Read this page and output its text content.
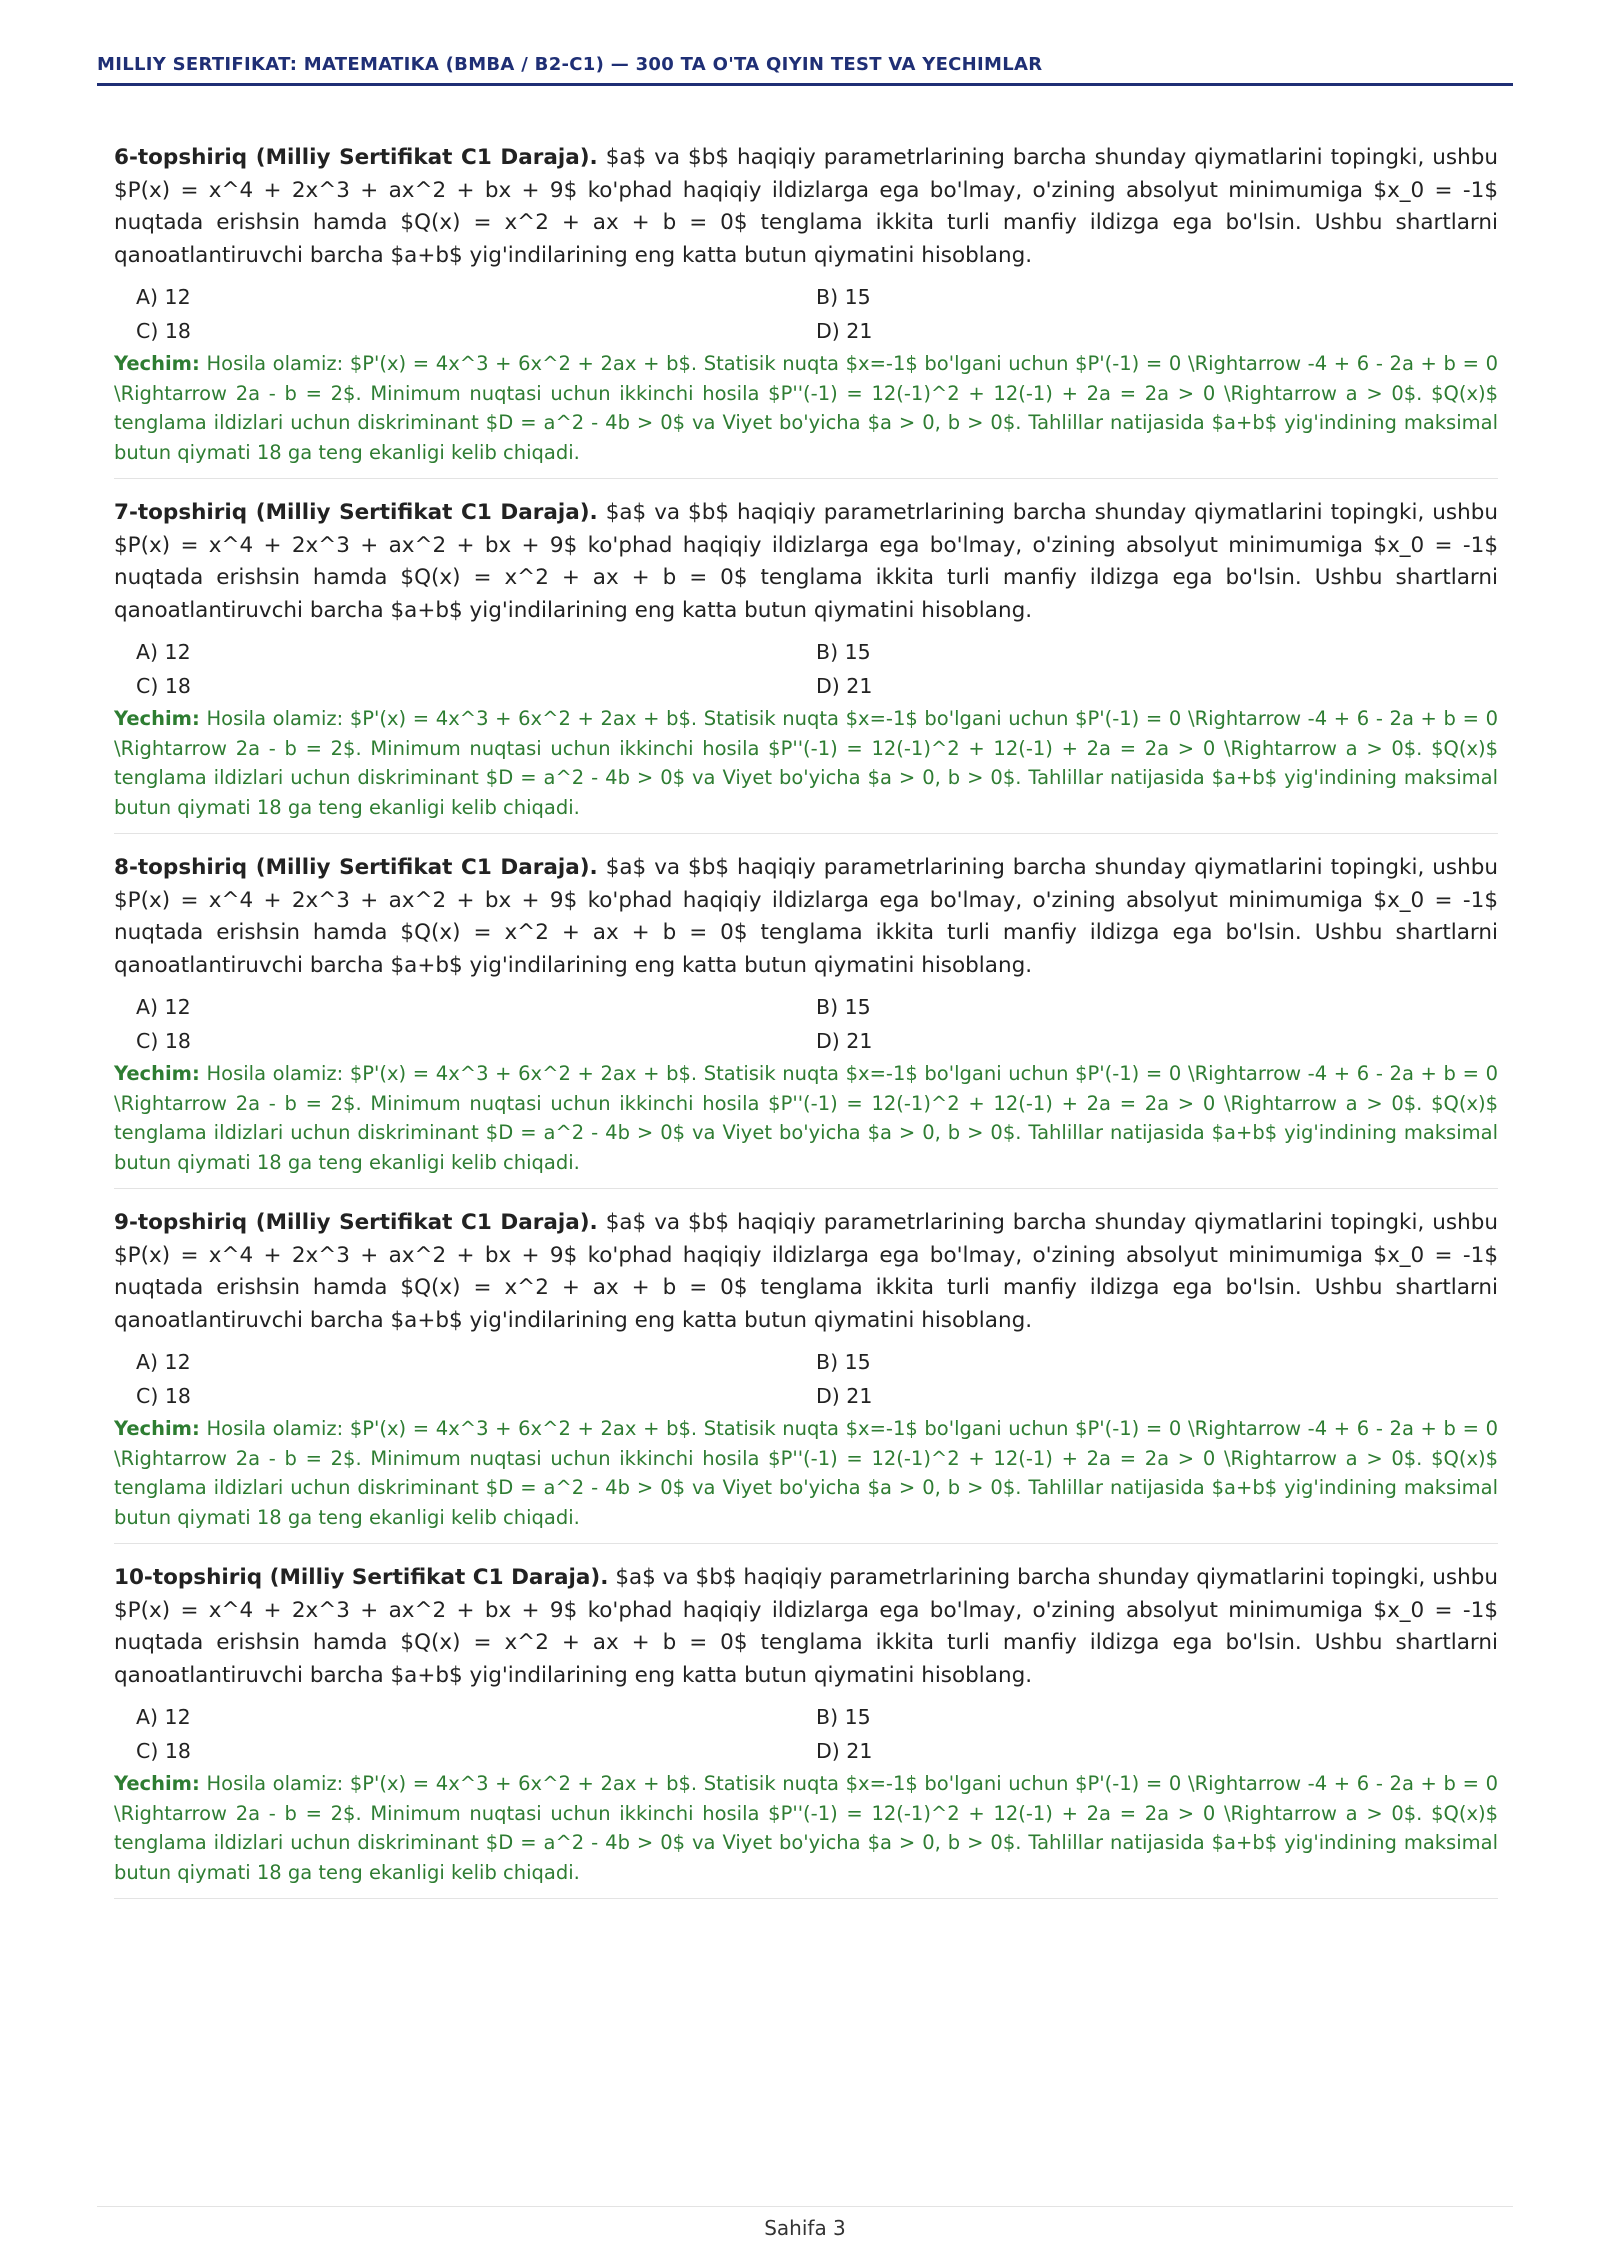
MILLIY SERTIFIKAT: MATEMATIKA (BMBA / B2-C1) — 300 TA O'TA QIYIN TEST VA YECHIMLAR

6-topshiriq (Milliy Sertifikat C1 Daraja). $a$ va $b$ haqiqiy parametrlarining barcha shunday qiymatlarini topingki, ushbu $P(x) = x^4 + 2x^3 + ax^2 + bx + 9$ ko'phad haqiqiy ildizlarga ega bo'lmay, o'zining absolyut minimumiga $x_0 = -1$ nuqtada erishsin hamda $Q(x) = x^2 + ax + b = 0$ tenglama ikkita turli manfiy ildizga ega bo'lsin. Ushbu shartlarni qanoatlantiruvchi barcha $a+b$ yig'indilarining eng katta butun qiymatini hisoblang.

A) 12	B) 15
C) 18	D) 21

Yechim: Hosila olamiz: $P'(x) = 4x^3 + 6x^2 + 2ax + b$. Statisik nuqta $x=-1$ bo'lgani uchun $P'(-1) = 0 \Rightarrow -4 + 6 - 2a + b = 0 \Rightarrow 2a - b = 2$. Minimum nuqtasi uchun ikkinchi hosila $P''(-1) = 12(-1)^2 + 12(-1) + 2a = 2a > 0 \Rightarrow a > 0$. $Q(x)$ tenglama ildizlari uchun diskriminant $D = a^2 - 4b > 0$ va Viyet bo'yicha $a > 0, b > 0$. Tahlillar natijasida $a+b$ yig'indining maksimal butun qiymati 18 ga teng ekanligi kelib chiqadi.

7-topshiriq (Milliy Sertifikat C1 Daraja). $a$ va $b$ haqiqiy parametrlarining barcha shunday qiymatlarini topingki, ushbu $P(x) = x^4 + 2x^3 + ax^2 + bx + 9$ ko'phad haqiqiy ildizlarga ega bo'lmay, o'zining absolyut minimumiga $x_0 = -1$ nuqtada erishsin hamda $Q(x) = x^2 + ax + b = 0$ tenglama ikkita turli manfiy ildizga ega bo'lsin. Ushbu shartlarni qanoatlantiruvchi barcha $a+b$ yig'indilarining eng katta butun qiymatini hisoblang.

A) 12	B) 15
C) 18	D) 21

Yechim: Hosila olamiz: $P'(x) = 4x^3 + 6x^2 + 2ax + b$. Statisik nuqta $x=-1$ bo'lgani uchun $P'(-1) = 0 \Rightarrow -4 + 6 - 2a + b = 0 \Rightarrow 2a - b = 2$. Minimum nuqtasi uchun ikkinchi hosila $P''(-1) = 12(-1)^2 + 12(-1) + 2a = 2a > 0 \Rightarrow a > 0$. $Q(x)$ tenglama ildizlari uchun diskriminant $D = a^2 - 4b > 0$ va Viyet bo'yicha $a > 0, b > 0$. Tahlillar natijasida $a+b$ yig'indining maksimal butun qiymati 18 ga teng ekanligi kelib chiqadi.

8-topshiriq (Milliy Sertifikat C1 Daraja). $a$ va $b$ haqiqiy parametrlarining barcha shunday qiymatlarini topingki, ushbu $P(x) = x^4 + 2x^3 + ax^2 + bx + 9$ ko'phad haqiqiy ildizlarga ega bo'lmay, o'zining absolyut minimumiga $x_0 = -1$ nuqtada erishsin hamda $Q(x) = x^2 + ax + b = 0$ tenglama ikkita turli manfiy ildizga ega bo'lsin. Ushbu shartlarni qanoatlantiruvchi barcha $a+b$ yig'indilarining eng katta butun qiymatini hisoblang.

A) 12	B) 15
C) 18	D) 21

Yechim: Hosila olamiz: $P'(x) = 4x^3 + 6x^2 + 2ax + b$. Statisik nuqta $x=-1$ bo'lgani uchun $P'(-1) = 0 \Rightarrow -4 + 6 - 2a + b = 0 \Rightarrow 2a - b = 2$. Minimum nuqtasi uchun ikkinchi hosila $P''(-1) = 12(-1)^2 + 12(-1) + 2a = 2a > 0 \Rightarrow a > 0$. $Q(x)$ tenglama ildizlari uchun diskriminant $D = a^2 - 4b > 0$ va Viyet bo'yicha $a > 0, b > 0$. Tahlillar natijasida $a+b$ yig'indining maksimal butun qiymati 18 ga teng ekanligi kelib chiqadi.

9-topshiriq (Milliy Sertifikat C1 Daraja). $a$ va $b$ haqiqiy parametrlarining barcha shunday qiymatlarini topingki, ushbu $P(x) = x^4 + 2x^3 + ax^2 + bx + 9$ ko'phad haqiqiy ildizlarga ega bo'lmay, o'zining absolyut minimumiga $x_0 = -1$ nuqtada erishsin hamda $Q(x) = x^2 + ax + b = 0$ tenglama ikkita turli manfiy ildizga ega bo'lsin. Ushbu shartlarni qanoatlantiruvchi barcha $a+b$ yig'indilarining eng katta butun qiymatini hisoblang.

A) 12	B) 15
C) 18	D) 21

Yechim: Hosila olamiz: $P'(x) = 4x^3 + 6x^2 + 2ax + b$. Statisik nuqta $x=-1$ bo'lgani uchun $P'(-1) = 0 \Rightarrow -4 + 6 - 2a + b = 0 \Rightarrow 2a - b = 2$. Minimum nuqtasi uchun ikkinchi hosila $P''(-1) = 12(-1)^2 + 12(-1) + 2a = 2a > 0 \Rightarrow a > 0$. $Q(x)$ tenglama ildizlari uchun diskriminant $D = a^2 - 4b > 0$ va Viyet bo'yicha $a > 0, b > 0$. Tahlillar natijasida $a+b$ yig'indining maksimal butun qiymati 18 ga teng ekanligi kelib chiqadi.

10-topshiriq (Milliy Sertifikat C1 Daraja). $a$ va $b$ haqiqiy parametrlarining barcha shunday qiymatlarini topingki, ushbu $P(x) = x^4 + 2x^3 + ax^2 + bx + 9$ ko'phad haqiqiy ildizlarga ega bo'lmay, o'zining absolyut minimumiga $x_0 = -1$ nuqtada erishsin hamda $Q(x) = x^2 + ax + b = 0$ tenglama ikkita turli manfiy ildizga ega bo'lsin. Ushbu shartlarni qanoatlantiruvchi barcha $a+b$ yig'indilarining eng katta butun qiymatini hisoblang.

A) 12	B) 15
C) 18	D) 21

Yechim: Hosila olamiz: $P'(x) = 4x^3 + 6x^2 + 2ax + b$. Statisik nuqta $x=-1$ bo'lgani uchun $P'(-1) = 0 \Rightarrow -4 + 6 - 2a + b = 0 \Rightarrow 2a - b = 2$. Minimum nuqtasi uchun ikkinchi hosila $P''(-1) = 12(-1)^2 + 12(-1) + 2a = 2a > 0 \Rightarrow a > 0$. $Q(x)$ tenglama ildizlari uchun diskriminant $D = a^2 - 4b > 0$ va Viyet bo'yicha $a > 0, b > 0$. Tahlillar natijasida $a+b$ yig'indining maksimal butun qiymati 18 ga teng ekanligi kelib chiqadi.

Sahifa 3
